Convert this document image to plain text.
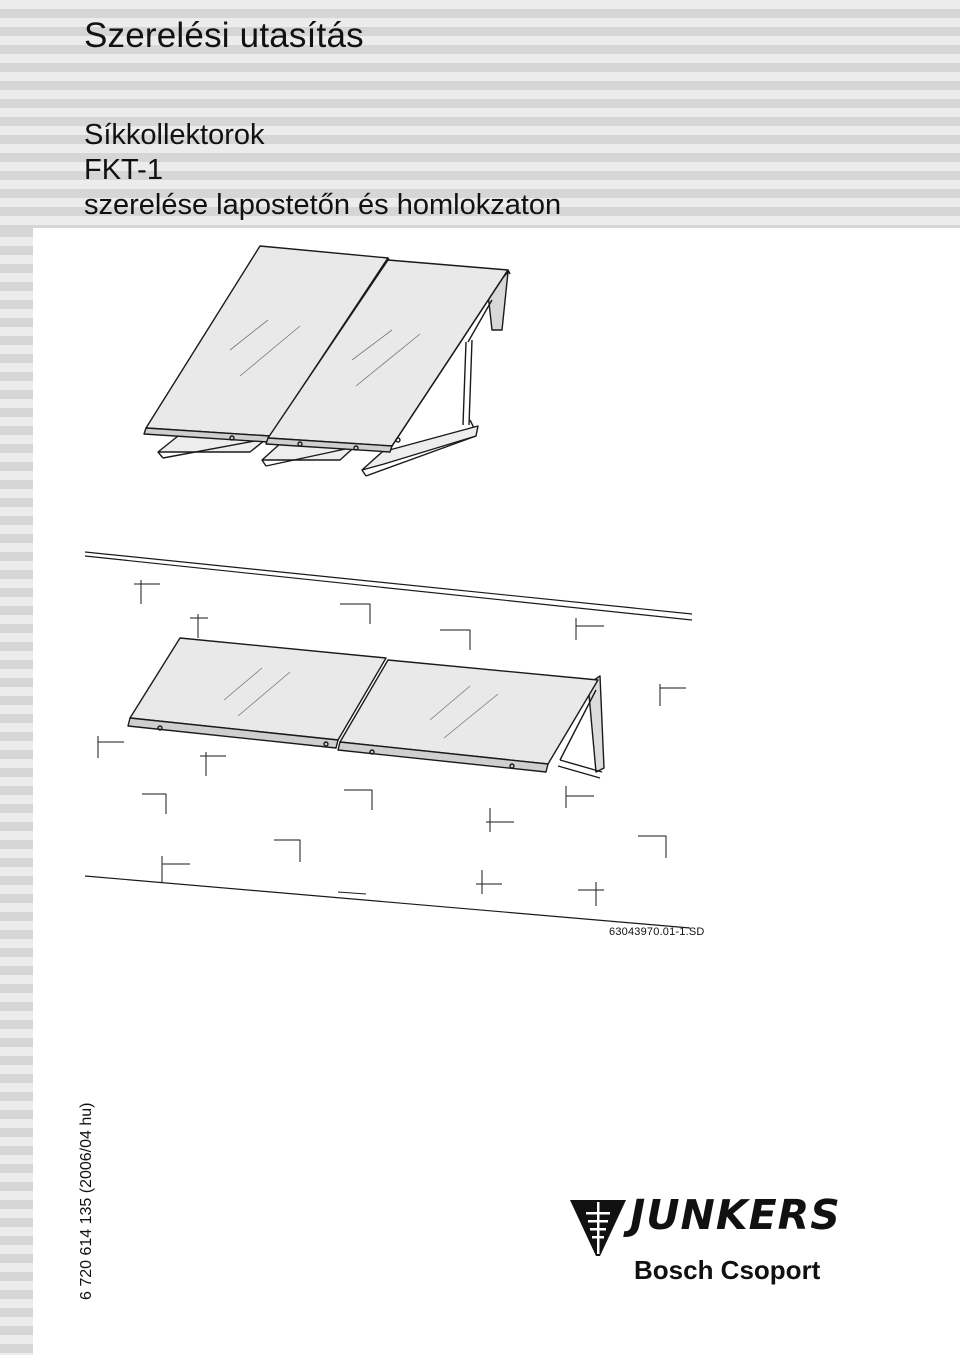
Szerelési utasítás
Síkkollektorok
FKT-1
szerelése lapostetőn és homlokzaton
63043970.01-1.SD
6 720 614 135 (2006/04 hu)	JUNKERS
Bosch Csoport
